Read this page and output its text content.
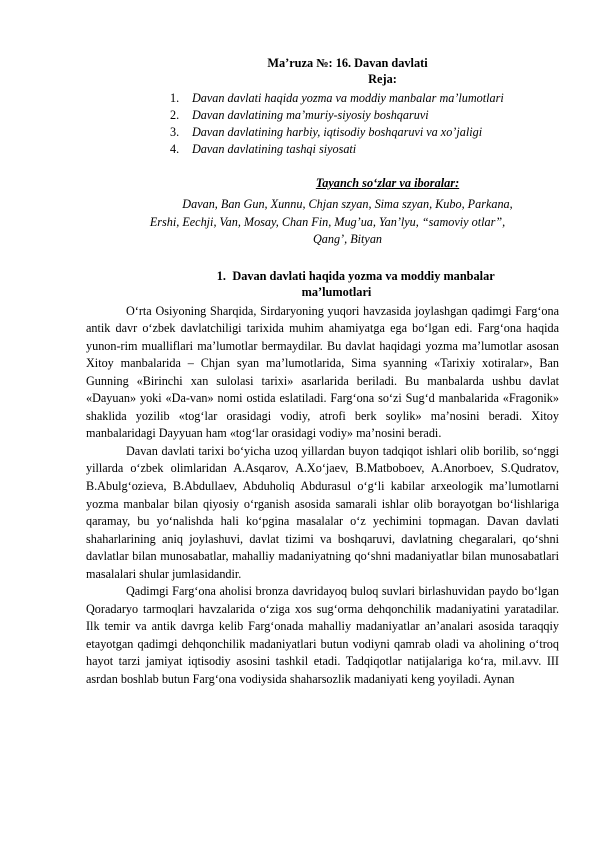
Ma’ruza №: 16. Davan davlati
Reja:
1. Davan davlati haqida yozma va moddiy manbalar ma’lumotlari
2. Davan davlatining ma’muriy-siyosiy boshqaruvi
3. Davan davlatining harbiy, iqtisodiy boshqaruvi va xo’jaligi
4. Davan davlatining tashqi siyosati
Tayanch so‘zlar va iboralar:
Davan, Ban Gun, Xunnu, Chjan szyan, Sima szyan, Kubo, Parkana,
Ershi, Eechji, Van, Mosay, Chan Fin, Mug’ua, Yan’lyu, “samoviy otlar”,
Qang’, Bityan
1. Davan davlati haqida yozma va moddiy manbalar
ma’lumotlari

O‘rta Osiyoning Sharqida, Sirdaryoning yuqori havzasida joylashgan qadimgi Farg‘ona antik davr o‘zbek davlatchiligi tarixida muhim ahamiyatga ega bo‘lgan edi. Farg‘ona haqida yunon-rim mualliflari ma’lumotlar bermaydilar. Bu davlat haqidagi yozma ma’lumotlar asosan Xitoy manbalarida – Chjan syan ma’lumotlarida, Sima syanning «Tarixiy xotiralar», Ban Gunning «Birinchi xan sulolasi tarixi» asarlarida beriladi. Bu manbalarda ushbu davlat «Dayuan» yoki «Da-van» nomi ostida eslatiladi. Farg‘ona so‘zi Sug‘d manbalarida «Fragonik» shaklida yozilib «tog‘lar orasidagi vodiy, atrofi berk soylik» ma’nosini beradi. Xitoy manbalaridagi Dayyuan ham «tog‘lar orasidagi vodiy» ma’nosini beradi.

Davan davlati tarixi bo‘yicha uzoq yillardan buyon tadqiqot ishlari olib borilib, so‘nggi yillarda o‘zbek olimlaridan A.Asqarov, A.Xo‘jaev, B.Matboboev, A.Anorboev, S.Qudratov, B.Abulg‘ozieva, B.Abdullaev, Abduholiq Abdurasul o‘g‘li kabilar arxeologik ma’lumotlarni yozma manbalar bilan qiyosiy o‘rganish asosida samarali ishlar olib borayotgan bo‘lishlariga qaramay, bu yo‘nalishda hali ko‘pgina masalalar o‘z yechimini topmagan. Davan davlati shaharlarining aniq joylashuvi, davlat tizimi va boshqaruvi, davlatning chegaralari, qo‘shni davlatlar bilan munosabatlar, mahalliy madaniyatning qo‘shni madaniyatlar bilan munosabatlari masalalari shular jumlasidandir.

Qadimgi Farg‘ona aholisi bronza davridayoq buloq suvlari birlashuvidan paydo bo‘lgan Qoradaryo tarmoqlari havzalarida o‘ziga xos sug‘orma dehqonchilik madaniyatini yaratadilar. Ilk temir va antik davrga kelib Farg‘onada mahalliy madaniyatlar an’analari asosida taraqqiy etayotgan qadimgi dehqonchilik madaniyatlari butun vodiyni qamrab oladi va aholining o‘troq hayot tarzi jamiyat iqtisodiy asosini tashkil etadi. Tadqiqotlar natijalariga ko‘ra, mil.avv. III asrdan boshlab butun Farg‘ona vodiysida shaharsozlik madaniyati keng yoyiladi. Aynan
